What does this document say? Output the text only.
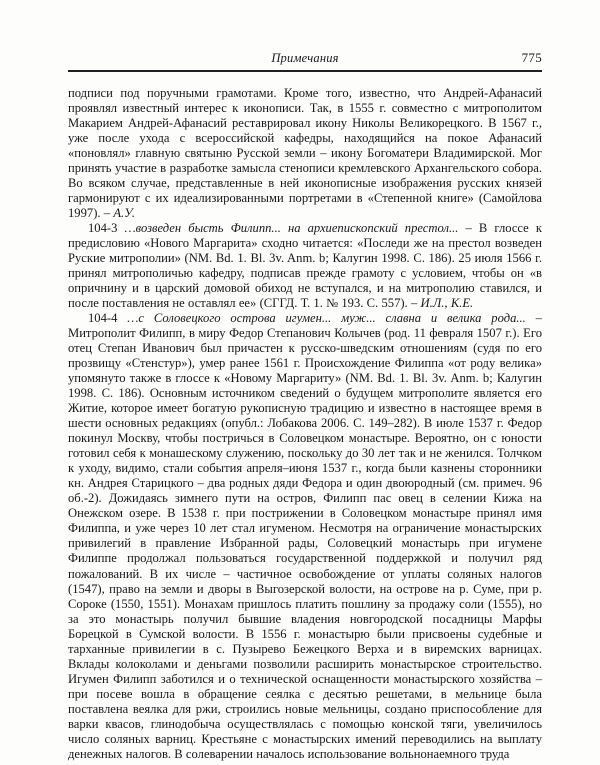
Примечания	775

подписи под поручными грамотами. Кроме того, известно, что Андрей-Афанасий проявлял известный интерес к иконописи. Так, в 1555 г. совместно с митрополитом Макарием Андрей-Афанасий реставрировал икону Николы Великорецкого. В 1567 г., уже после ухода с всероссийской кафедры, находящийся на покое Афанасий «поновлял» главную святыню Русской земли – икону Богоматери Владимирской. Мог принять участие в разработке замысла стенописи кремлевского Архангельского собора. Во всяком случае, представленные в ней иконописные изображения русских князей гармонируют с их идеализированными портретами в «Степенной книге» (Самойлова 1997). – А.У.

104-3 …возведен бысть Филипп... на архиепископский престол... – В глоссе к предисловию «Нового Маргарита» сходно читается: «Последи же на престол возведен Руские митрополии» (NM. Bd. 1. Bl. 3v. Anm. b; Калугин 1998. С. 186). 25 июля 1566 г. принял митрополичью кафедру, подписав прежде грамоту с условием, чтобы он «в опричнину и в царский домовой обиход не вступался, и на митрополию ставился, и после поставления не оставлял ее» (СГГД. Т. 1. № 193. С. 557). – И.Л., К.Е.

104-4 …с Соловецкого острова игумен... муж... славна и велика рода... – Митрополит Филипп, в миру Федор Степанович Колычев (род. 11 февраля 1507 г.). Его отец Степан Иванович был причастен к русско-шведским отношениям (судя по его прозвищу «Стенстур»), умер ранее 1561 г. Происхождение Филиппа «от роду велика» упомянуто также в глоссе к «Новому Маргариту» (NM. Bd. 1. Bl. 3v. Anm. b; Калугин 1998. С. 186). Основным источником сведений о будущем митрополите является его Житие, которое имеет богатую рукописную традицию и известно в настоящее время в шести основных редакциях (опубл.: Лобакова 2006. С. 149–282). В июле 1537 г. Федор покинул Москву, чтобы постричься в Соловецком монастыре. Вероятно, он с юности готовил себя к монашескому служению, поскольку до 30 лет так и не женился. Толчком к уходу, видимо, стали события апреля–июня 1537 г., когда были казнены сторонники кн. Андрея Старицкого – два родных дяди Федора и один двоюродный (см. примеч. 96 об.-2). Дожидаясь зимнего пути на остров, Филипп пас овец в селении Кижа на Онежском озере. В 1538 г. при пострижении в Соловецком монастыре принял имя Филиппа, и уже через 10 лет стал игуменом. Несмотря на ограничение монастырских привилегий в правление Избранной рады, Соловецкий монастырь при игумене Филиппе продолжал пользоваться государственной поддержкой и получил ряд пожалований. В их числе – частичное освобождение от уплаты соляных налогов (1547), право на земли и дворы в Выгозерской волости, на острове на р. Суме, при р. Сороке (1550, 1551). Монахам пришлось платить пошлину за продажу соли (1555), но за это монастырь получил бывшие владения новгородской посадницы Марфы Борецкой в Сумской волости. В 1556 г. монастырю были присвоены судебные и тарханные привилегии в с. Пузырево Бежецкого Верха и в виремских варницах. Вклады колоколами и деньгами позволили расширить монастырское строительство. Игумен Филипп заботился и о технической оснащенности монастырского хозяйства – при посеве вошла в обращение сеялка с десятью решетами, в мельнице была поставлена веялка для ржи, строились новые мельницы, создано приспособление для варки квасов, глинодобыча осуществлялась с помощью конской тяги, увеличилось число соляных варниц. Крестьяне с монастырских имений переводились на выплату денежных налогов. В солеварении началось использование вольнонаемного труда
